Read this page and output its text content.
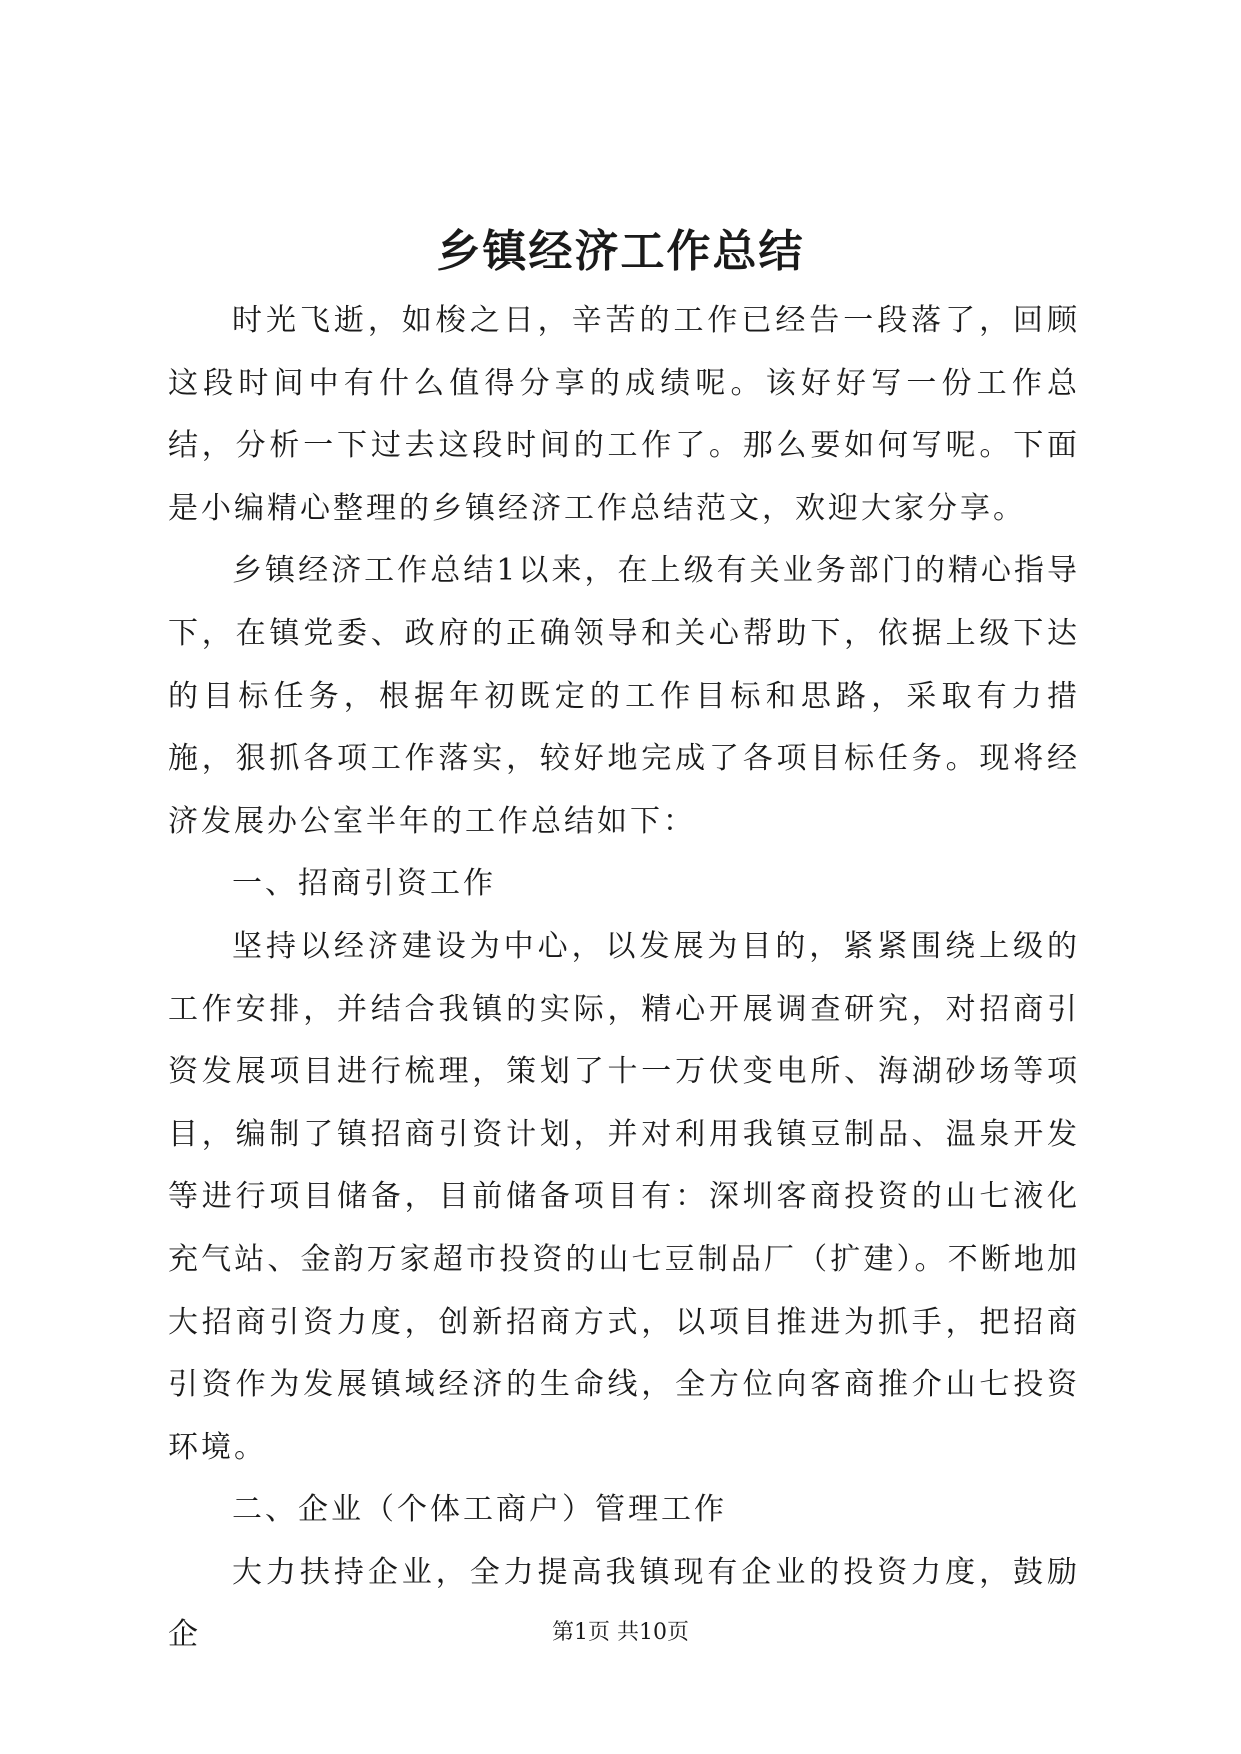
乡镇经济工作总结

时光飞逝，如梭之日，辛苦的工作已经告一段落了，回顾这段时间中有什么值得分享的成绩呢。该好好写一份工作总结，分析一下过去这段时间的工作了。那么要如何写呢。下面是小编精心整理的乡镇经济工作总结范文，欢迎大家分享。

乡镇经济工作总结1以来，在上级有关业务部门的精心指导下，在镇党委、政府的正确领导和关心帮助下，依据上级下达的目标任务，根据年初既定的工作目标和思路，采取有力措施，狠抓各项工作落实，较好地完成了各项目标任务。现将经济发展办公室半年的工作总结如下：

一、招商引资工作

坚持以经济建设为中心，以发展为目的，紧紧围绕上级的工作安排，并结合我镇的实际，精心开展调查研究，对招商引资发展项目进行梳理，策划了十一万伏变电所、海湖砂场等项目，编制了镇招商引资计划，并对利用我镇豆制品、温泉开发等进行项目储备，目前储备项目有：深圳客商投资的山七液化充气站、金韵万家超市投资的山七豆制品厂（扩建）。不断地加大招商引资力度，创新招商方式，以项目推进为抓手，把招商引资作为发展镇域经济的生命线，全方位向客商推介山七投资环境。

二、企业（个体工商户）管理工作

大力扶持企业，全力提高我镇现有企业的投资力度，鼓励企	第1页 共10页
